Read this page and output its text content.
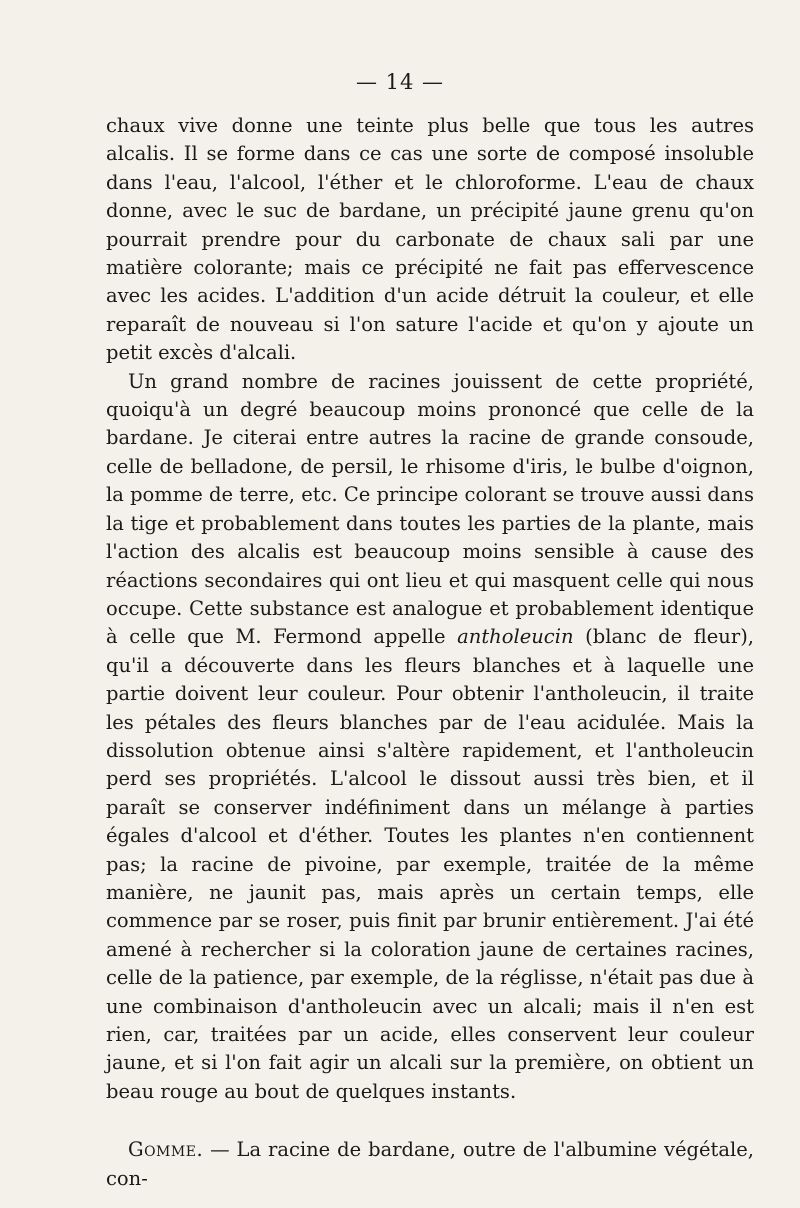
— 14 —

chaux vive donne une teinte plus belle que tous les autres alcalis. Il se forme dans ce cas une sorte de composé insoluble dans l'eau, l'alcool, l'éther et le chloroforme. L'eau de chaux donne, avec le suc de bardane, un précipité jaune grenu qu'on pourrait prendre pour du carbonate de chaux sali par une matière colorante; mais ce précipité ne fait pas effervescence avec les acides. L'addition d'un acide détruit la couleur, et elle reparaît de nouveau si l'on sature l'acide et qu'on y ajoute un petit excès d'alcali.

Un grand nombre de racines jouissent de cette propriété, quoiqu'à un degré beaucoup moins prononcé que celle de la bardane. Je citerai entre autres la racine de grande consoude, celle de belladone, de persil, le rhisome d'iris, le bulbe d'oignon, la pomme de terre, etc. Ce principe colorant se trouve aussi dans la tige et probablement dans toutes les parties de la plante, mais l'action des alcalis est beaucoup moins sensible à cause des réactions secondaires qui ont lieu et qui masquent celle qui nous occupe. Cette substance est analogue et probablement identique à celle que M. Fermond appelle antholeucin (blanc de fleur), qu'il a découverte dans les fleurs blanches et à laquelle une partie doivent leur couleur. Pour obtenir l'antholeucin, il traite les pétales des fleurs blanches par de l'eau acidulée. Mais la dissolution obtenue ainsi s'altère rapidement, et l'antholeucin perd ses propriétés. L'alcool le dissout aussi très bien, et il paraît se conserver indéfiniment dans un mélange à parties égales d'alcool et d'éther. Toutes les plantes n'en contiennent pas; la racine de pivoine, par exemple, traitée de la même manière, ne jaunit pas, mais après un certain temps, elle commence par se roser, puis finit par brunir entièrement. J'ai été amené à rechercher si la coloration jaune de certaines racines, celle de la patience, par exemple, de la réglisse, n'était pas due à une combinaison d'antholeucin avec un alcali; mais il n'en est rien, car, traitées par un acide, elles conservent leur couleur jaune, et si l'on fait agir un alcali sur la première, on obtient un beau rouge au bout de quelques instants.

Gomme. — La racine de bardane, outre de l'albumine végétale, con-
